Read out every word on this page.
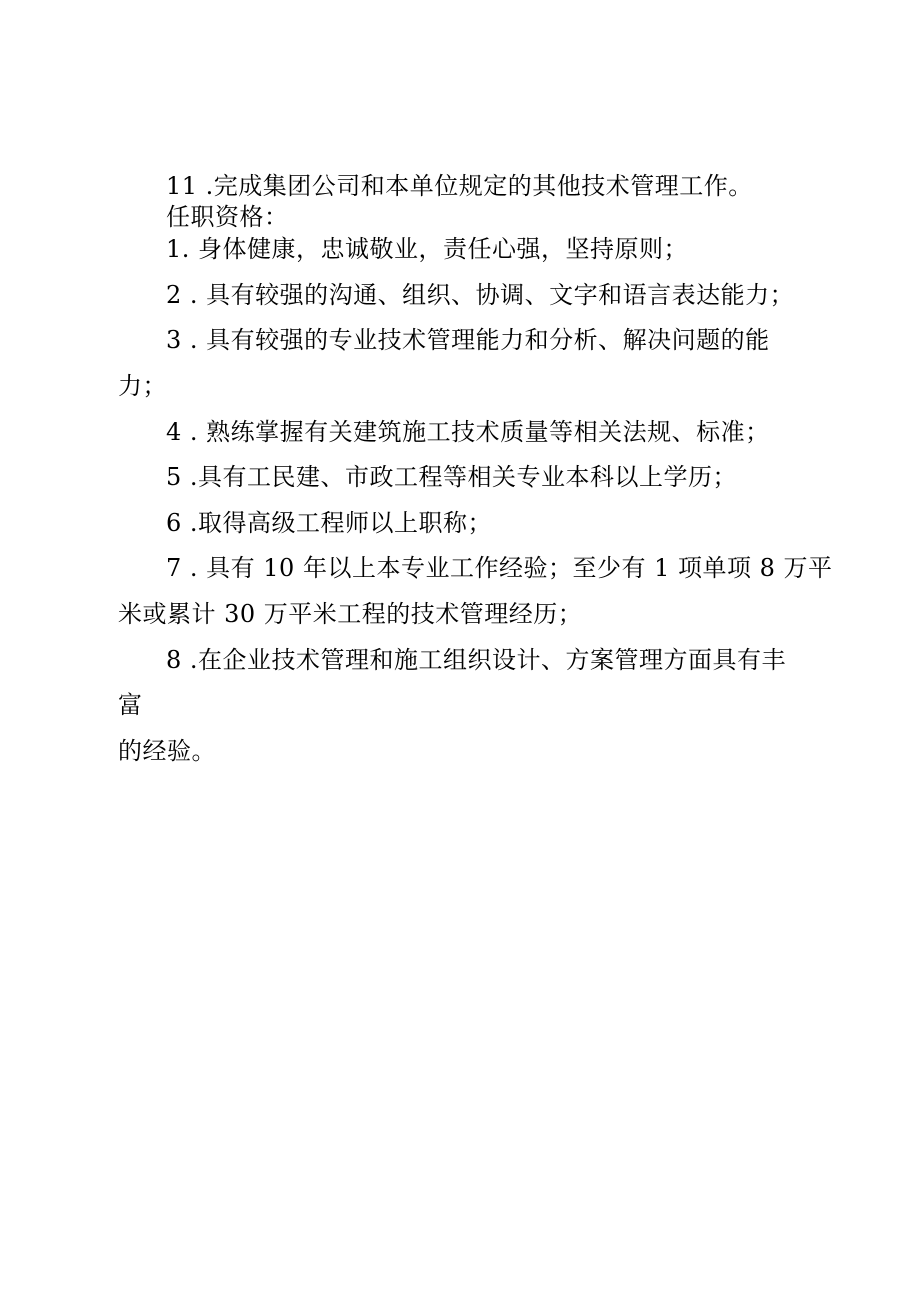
11 .完成集团公司和本单位规定的其他技术管理工作。
任职资格：
1. 身体健康，忠诚敬业，责任心强，坚持原则；
2 . 具有较强的沟通、组织、协调、文字和语言表达能力；
3 . 具有较强的专业技术管理能力和分析、解决问题的能
力；
4 . 熟练掌握有关建筑施工技术质量等相关法规、标准；
5 .具有工民建、市政工程等相关专业本科以上学历；
6 .取得高级工程师以上职称；
7 . 具有 10 年以上本专业工作经验；至少有 1 项单项 8 万平
米或累计 30 万平米工程的技术管理经历；
8 .在企业技术管理和施工组织设计、方案管理方面具有丰
富
的经验。
